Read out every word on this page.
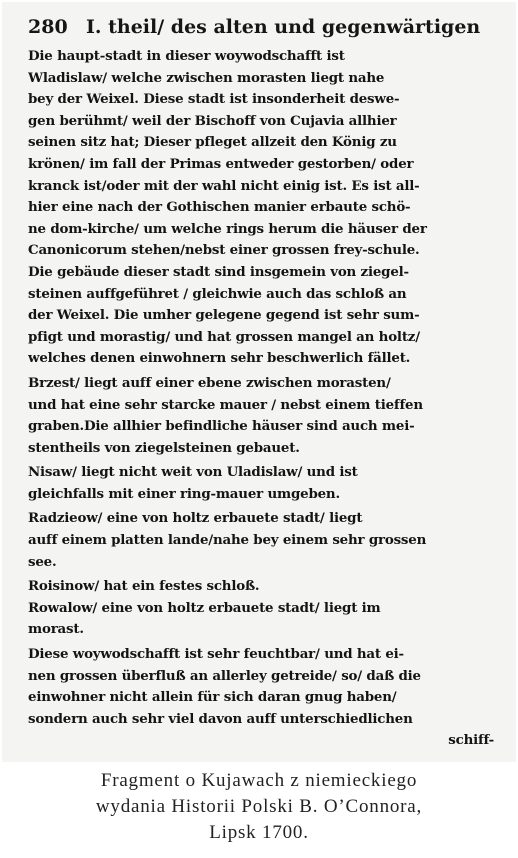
280 I. theil/ des alten und gegenwärtigen
Die haupt-stadt in dieser woywodschafft ist
Wladislaw/ welche zwischen morasten liegt nahe
bey der Weixel. Diese stadt ist insonderheit deswe-
gen berühmt/ weil der Bischoff von Cujavia allhier
seinen sitz hat; Dieser pfleget allzeit den König zu
krönen/ im fall der Primas entweder gestorben/ oder
kranck ist/oder mit der wahl nicht einig ist. Es ist all-
hier eine nach der Gothischen manier erbaute schö-
ne dom-kirche/ um welche rings herum die häuser der
Canonicorum stehen/nebst einer grossen frey-schule.
Die gebäude dieser stadt sind insgemein von ziegel-
steinen auffgeführet / gleichwie auch das schloß an
der Weixel. Die umher gelegene gegend ist sehr sum-
pfigt und morastig/ und hat grossen mangel an holtz/
welches denen einwohnern sehr beschwerlich fället.
Brzest/ liegt auff einer ebene zwischen morasten/
und hat eine sehr starcke mauer / nebst einem tieffen
graben.Die allhier befindliche häuser sind auch mei-
stentheils von ziegelsteinen gebauet.
Nisaw/ liegt nicht weit von Uladislaw/ und ist
gleichfalls mit einer ring-mauer umgeben.
Radzieow/ eine von holtz erbauete stadt/ liegt
auff einem platten lande/nahe bey einem sehr grossen
see.
Roisinow/ hat ein festes schloß.
Rowalow/ eine von holtz erbauete stadt/ liegt im
morast.
Diese woywodschafft ist sehr feuchtbar/ und hat ei-
nen grossen überfluß an allerley getreide/ so/ daß die
einwohner nicht allein für sich daran gnug haben/
sondern auch sehr viel davon auff unterschiedlichen
schiff-
Fragment o Kujawach z niemieckiego
wydania Historii Polski B. O’Connora,
Lipsk 1700.
